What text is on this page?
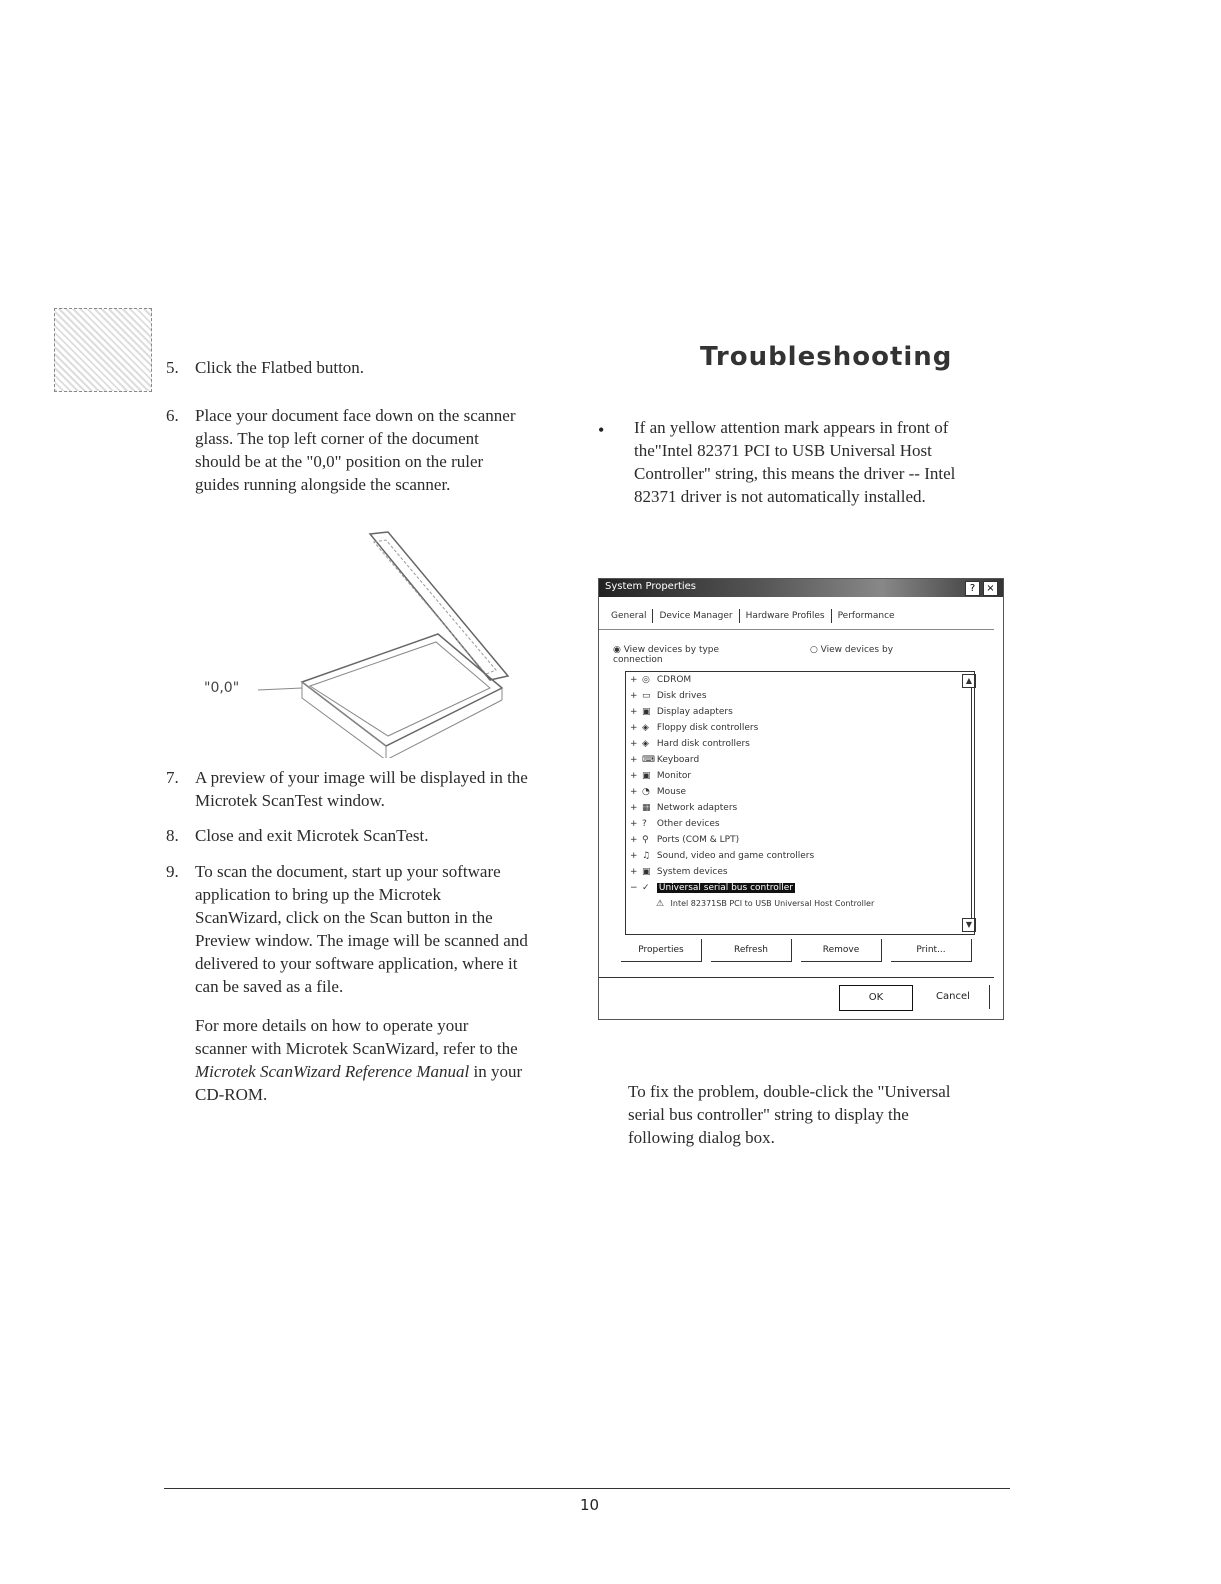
5. Click the Flatbed button.
6. Place your document face down on the scanner
glass. The top left corner of the document
should be at the "0,0" position on the ruler
guides running alongside the scanner.
"0,0"
7. A preview of your image will be displayed in the
Microtek ScanTest window.
8. Close and exit Microtek ScanTest.
9. To scan the document, start up your software
application to bring up the Microtek
ScanWizard, click on the Scan button in the
Preview window. The image will be scanned and
delivered to your software application, where it
can be saved as a file.
For more details on how to operate your
scanner with Microtek ScanWizard, refer to the
Microtek ScanWizard Reference Manual in your
CD-ROM.
Troubleshooting
• If an yellow attention mark appears in front of
the"Intel 82371 PCI to USB Universal Host
Controller" string, this means the driver -- Intel
82371 driver is not automatically installed.
System Properties	?	×
General	Device Manager	Hardware Profiles	Performance
◉ View devices by type	○ View devices by connection
+ ◎ CDROM
+ ▭ Disk drives
+ ▣ Display adapters
+ ◈ Floppy disk controllers
+ ◈ Hard disk controllers
+ ⌨ Keyboard
+ ▣ Monitor
+ ◔ Mouse
+ ▦ Network adapters
+ ? Other devices
+ ⚲ Ports (COM & LPT)
+ ♫ Sound, video and game controllers
+ ▣ System devices
− ✓ Universal serial bus controller
⚠ Intel 82371SB PCI to USB Universal Host Controller
▲
▼
Properties	Refresh	Remove	Print...
OK	Cancel
To fix the problem, double-click the "Universal
serial bus controller" string to display the
following dialog box.
10
